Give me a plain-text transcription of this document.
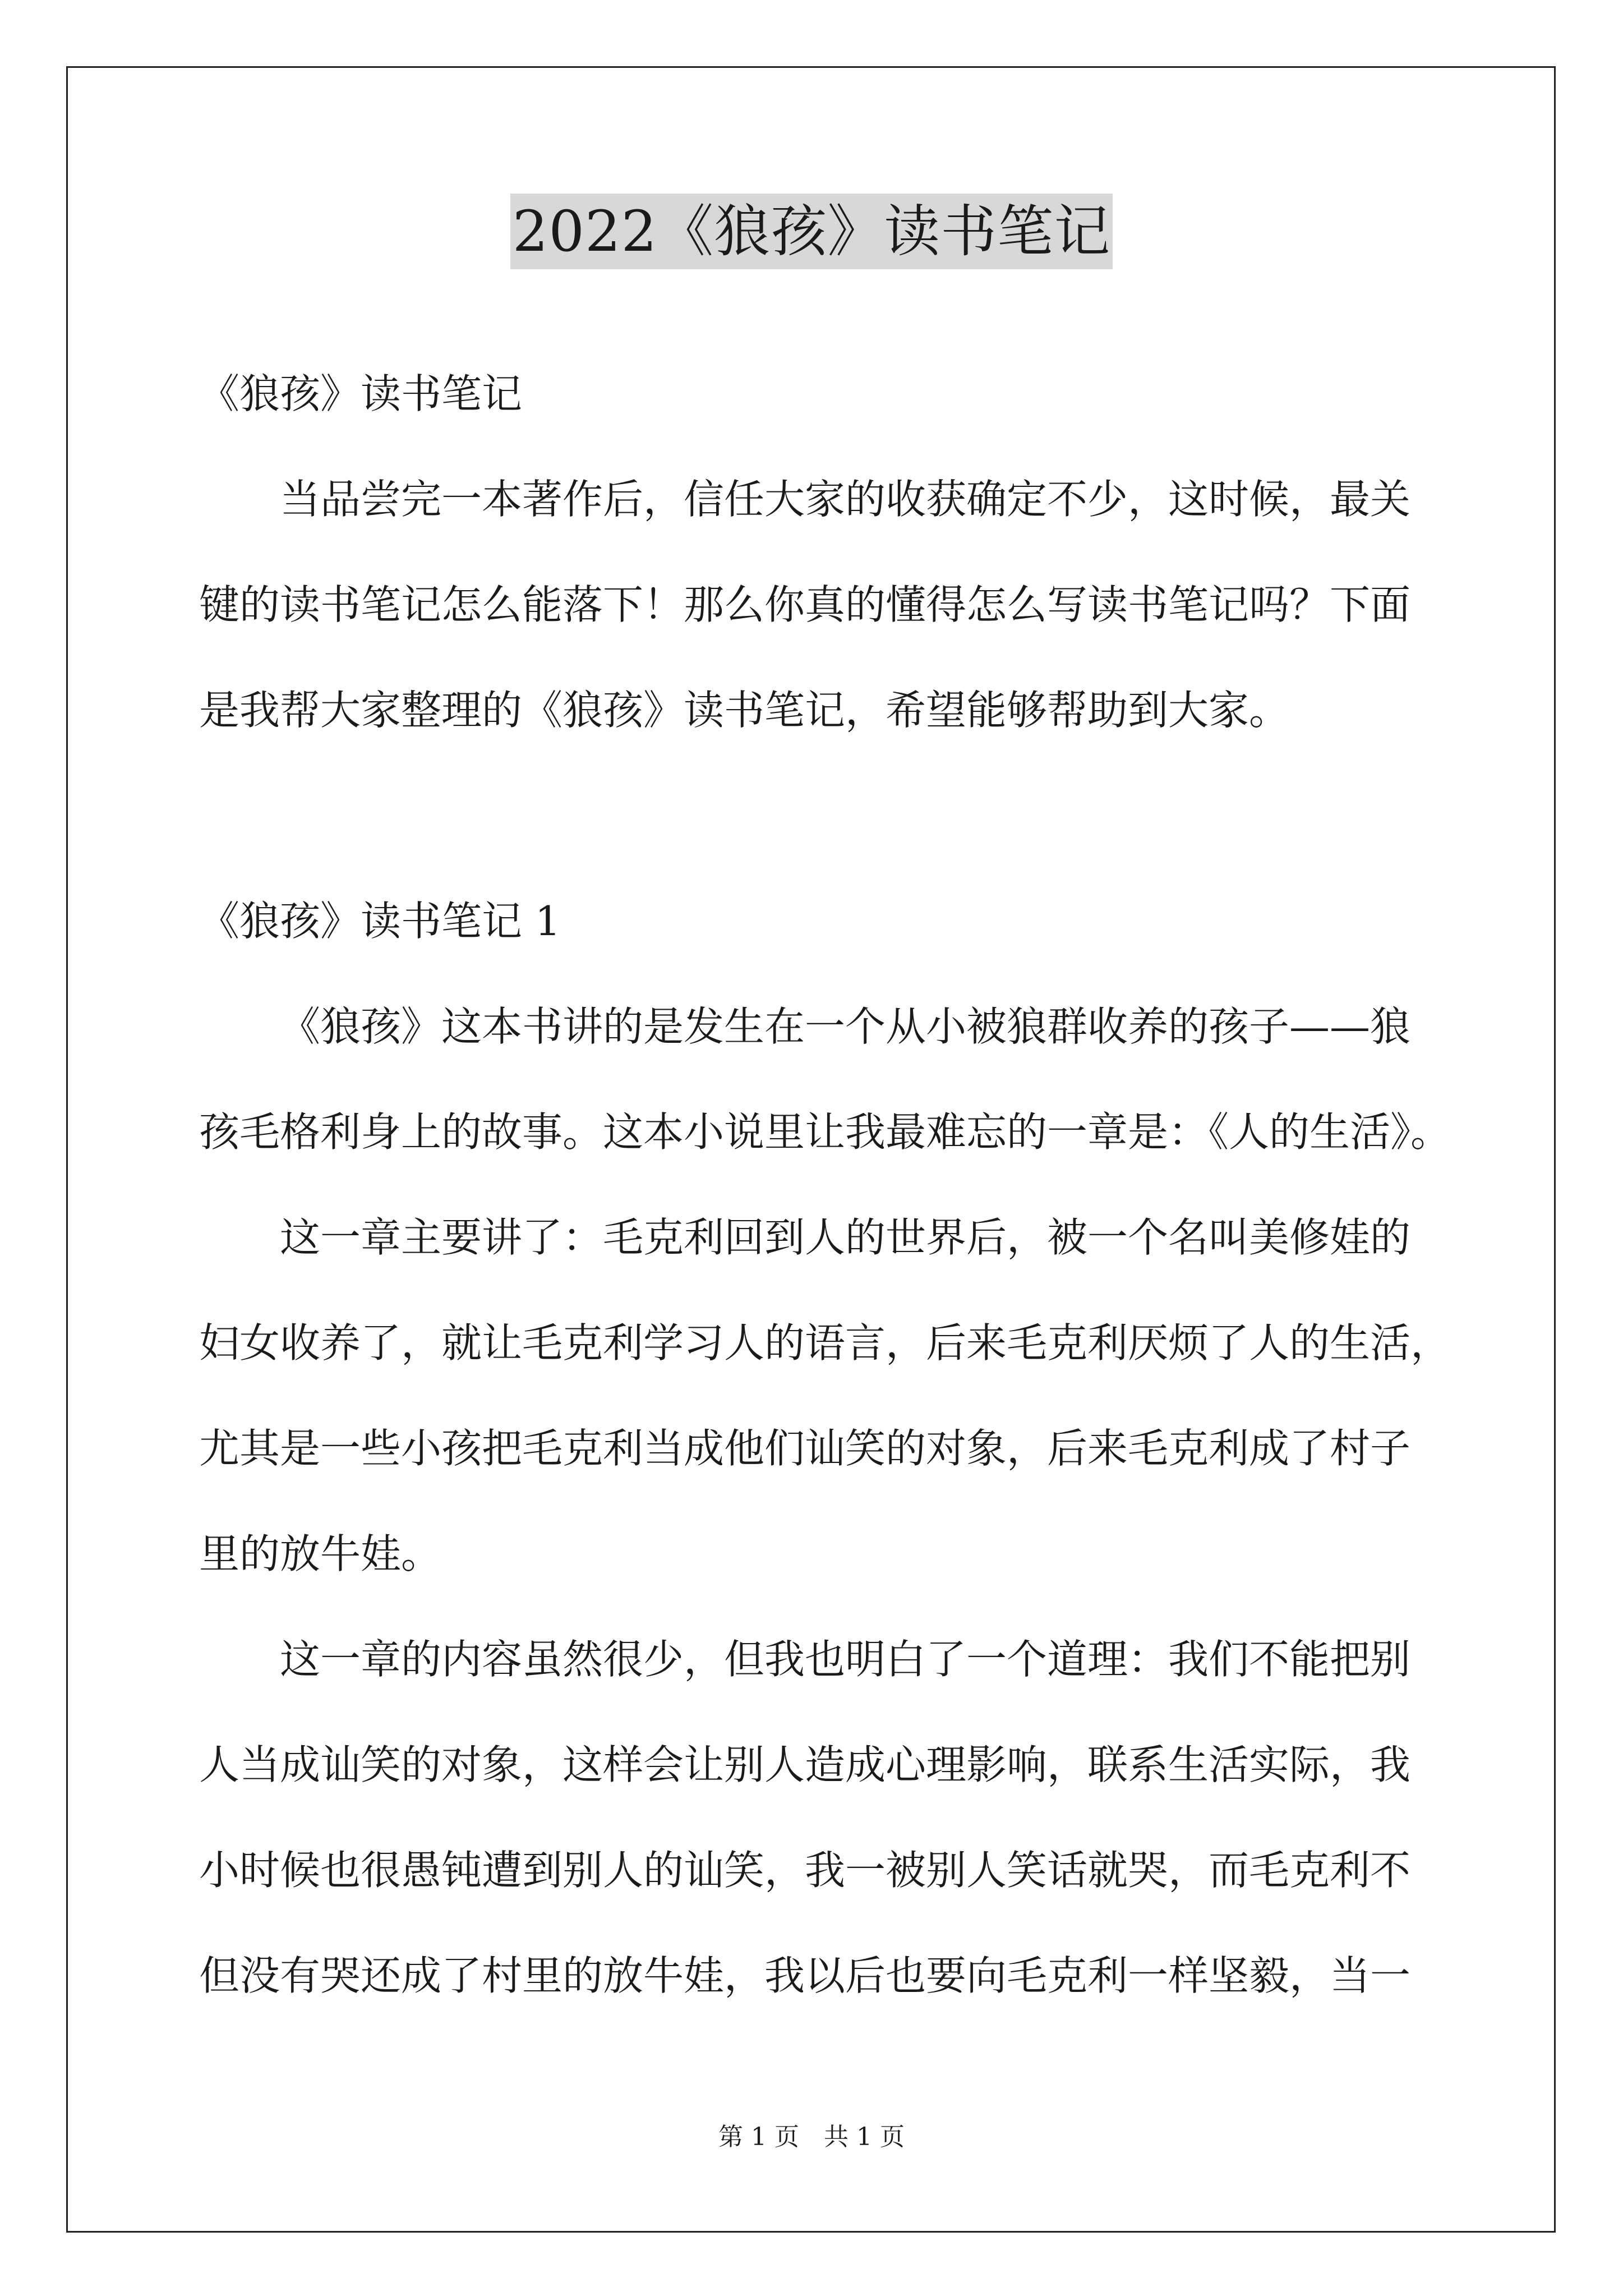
2022《狼孩》读书笔记

《狼孩》读书笔记

当品尝完一本著作后，信任大家的收获确定不少，这时候，最关

键的读书笔记怎么能落下！那么你真的懂得怎么写读书笔记吗？下面

是我帮大家整理的《狼孩》读书笔记，希望能够帮助到大家。

《狼孩》读书笔记 1

《狼孩》这本书讲的是发生在一个从小被狼群收养的孩子——狼

孩毛格利身上的故事。这本小说里让我最难忘的一章是：《人的生活》。

这一章主要讲了：毛克利回到人的世界后，被一个名叫美修娃的

妇女收养了，就让毛克利学习人的语言，后来毛克利厌烦了人的生活，

尤其是一些小孩把毛克利当成他们讪笑的对象，后来毛克利成了村子

里的放牛娃。

这一章的内容虽然很少，但我也明白了一个道理：我们不能把别

人当成讪笑的对象，这样会让别人造成心理影响，联系生活实际，我

小时候也很愚钝遭到别人的讪笑，我一被别人笑话就哭，而毛克利不

但没有哭还成了村里的放牛娃，我以后也要向毛克利一样坚毅，当一

第 1 页　共 1 页
